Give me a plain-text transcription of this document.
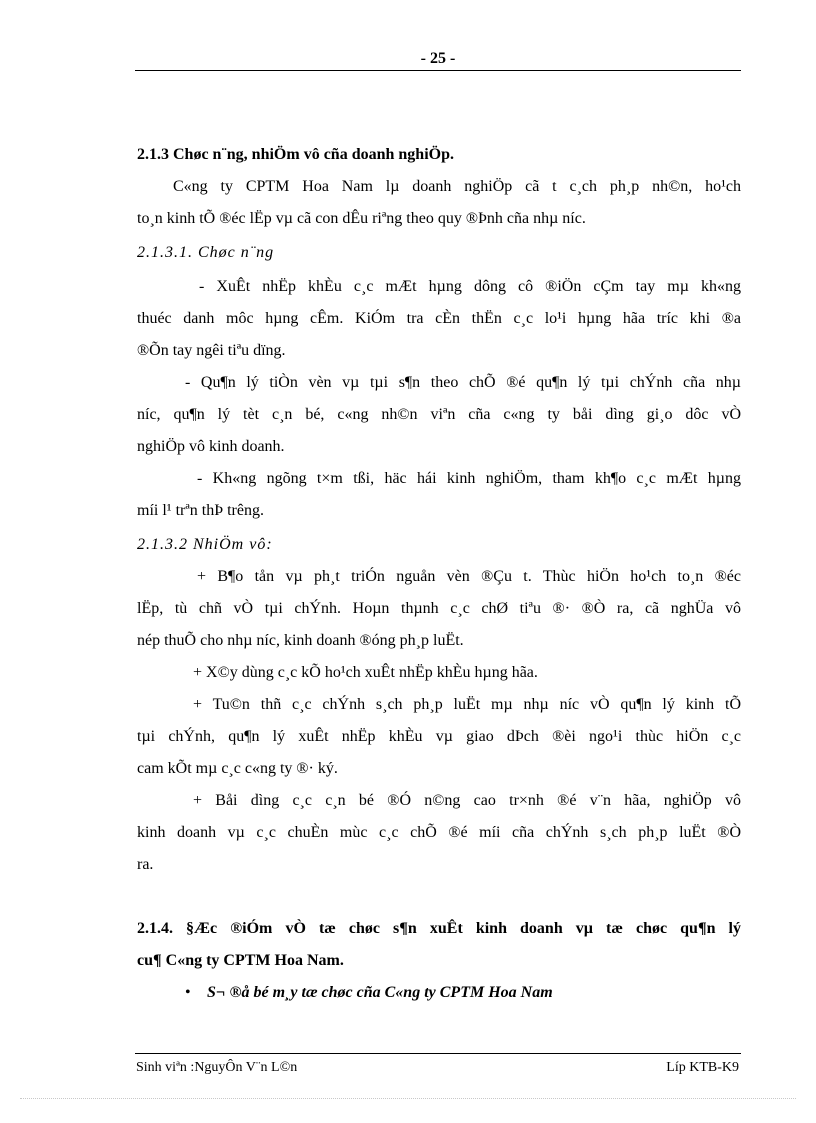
- 25 -
2.1.3 Chøc n¨ng, nhiÖm vô cña doanh nghiÖp.
C«ng ty CPTM Hoa Nam lµ doanh nghiÖp cã t c¸ch ph¸p nh©n, ho¹ch
to¸n kinh tÕ ®éc lËp vµ cã con dÊu riªng theo quy ®Þnh cña nhµ níc.
2.1.3.1. Chøc n¨ng
- XuÊt nhËp khÈu c¸c mÆt hµng dông cô ®iÖn cÇm tay mµ kh«ng
thuéc danh môc hµng cÊm. KiÓm tra cÈn thËn c¸c lo¹i hµng hãa tríc khi ®a
®Õn tay ngêi tiªu dïng.
- Qu¶n lý tiÒn vèn vµ tµi s¶n theo chÕ ®é qu¶n lý tµi chÝnh cña nhµ
níc, qu¶n lý tèt c¸n bé, c«ng nh©n viªn cña c«ng ty båi dìng gi¸o dôc vÒ
nghiÖp vô kinh doanh.
- Kh«ng ngõng t×m tßi, häc hái kinh nghiÖm, tham kh¶o c¸c mÆt hµng
míi l¹ trªn thÞ trêng.
2.1.3.2 NhiÖm vô:
+ B¶o tån vµ ph¸t triÓn nguån vèn ®Çu t. Thùc hiÖn ho¹ch to¸n ®éc
lËp, tù chñ vÒ tµi chÝnh. Hoµn thµnh c¸c chØ tiªu ®· ®Ò ra, cã nghÜa vô
nép thuÕ cho nhµ níc, kinh doanh ®óng ph¸p luËt.
+ X©y dùng c¸c kÕ ho¹ch xuÊt nhËp khÈu hµng hãa.
+ Tu©n thñ c¸c chÝnh s¸ch ph¸p luËt mµ nhµ níc vÒ qu¶n lý kinh tÕ
tµi chÝnh, qu¶n lý xuÊt nhËp khÈu vµ giao dÞch ®èi ngo¹i thùc hiÖn c¸c
cam kÕt mµ c¸c c«ng ty ®· ký.
+ Båi dìng c¸c c¸n bé ®Ó n©ng cao tr×nh ®é v¨n hãa, nghiÖp vô
kinh doanh vµ c¸c chuÈn mùc c¸c chÕ ®é míi cña chÝnh s¸ch ph¸p luËt ®Ò
ra.
2.1.4. §Æc ®iÓm vÒ tæ chøc s¶n xuÊt kinh doanh vµ tæ chøc qu¶n lý
cu¶ C«ng ty CPTM Hoa Nam.
• S¬ ®å bé m¸y tæ chøc cña C«ng ty CPTM Hoa Nam
Sinh viªn :NguyÔn V¨n L©n	Líp KTB-K9
